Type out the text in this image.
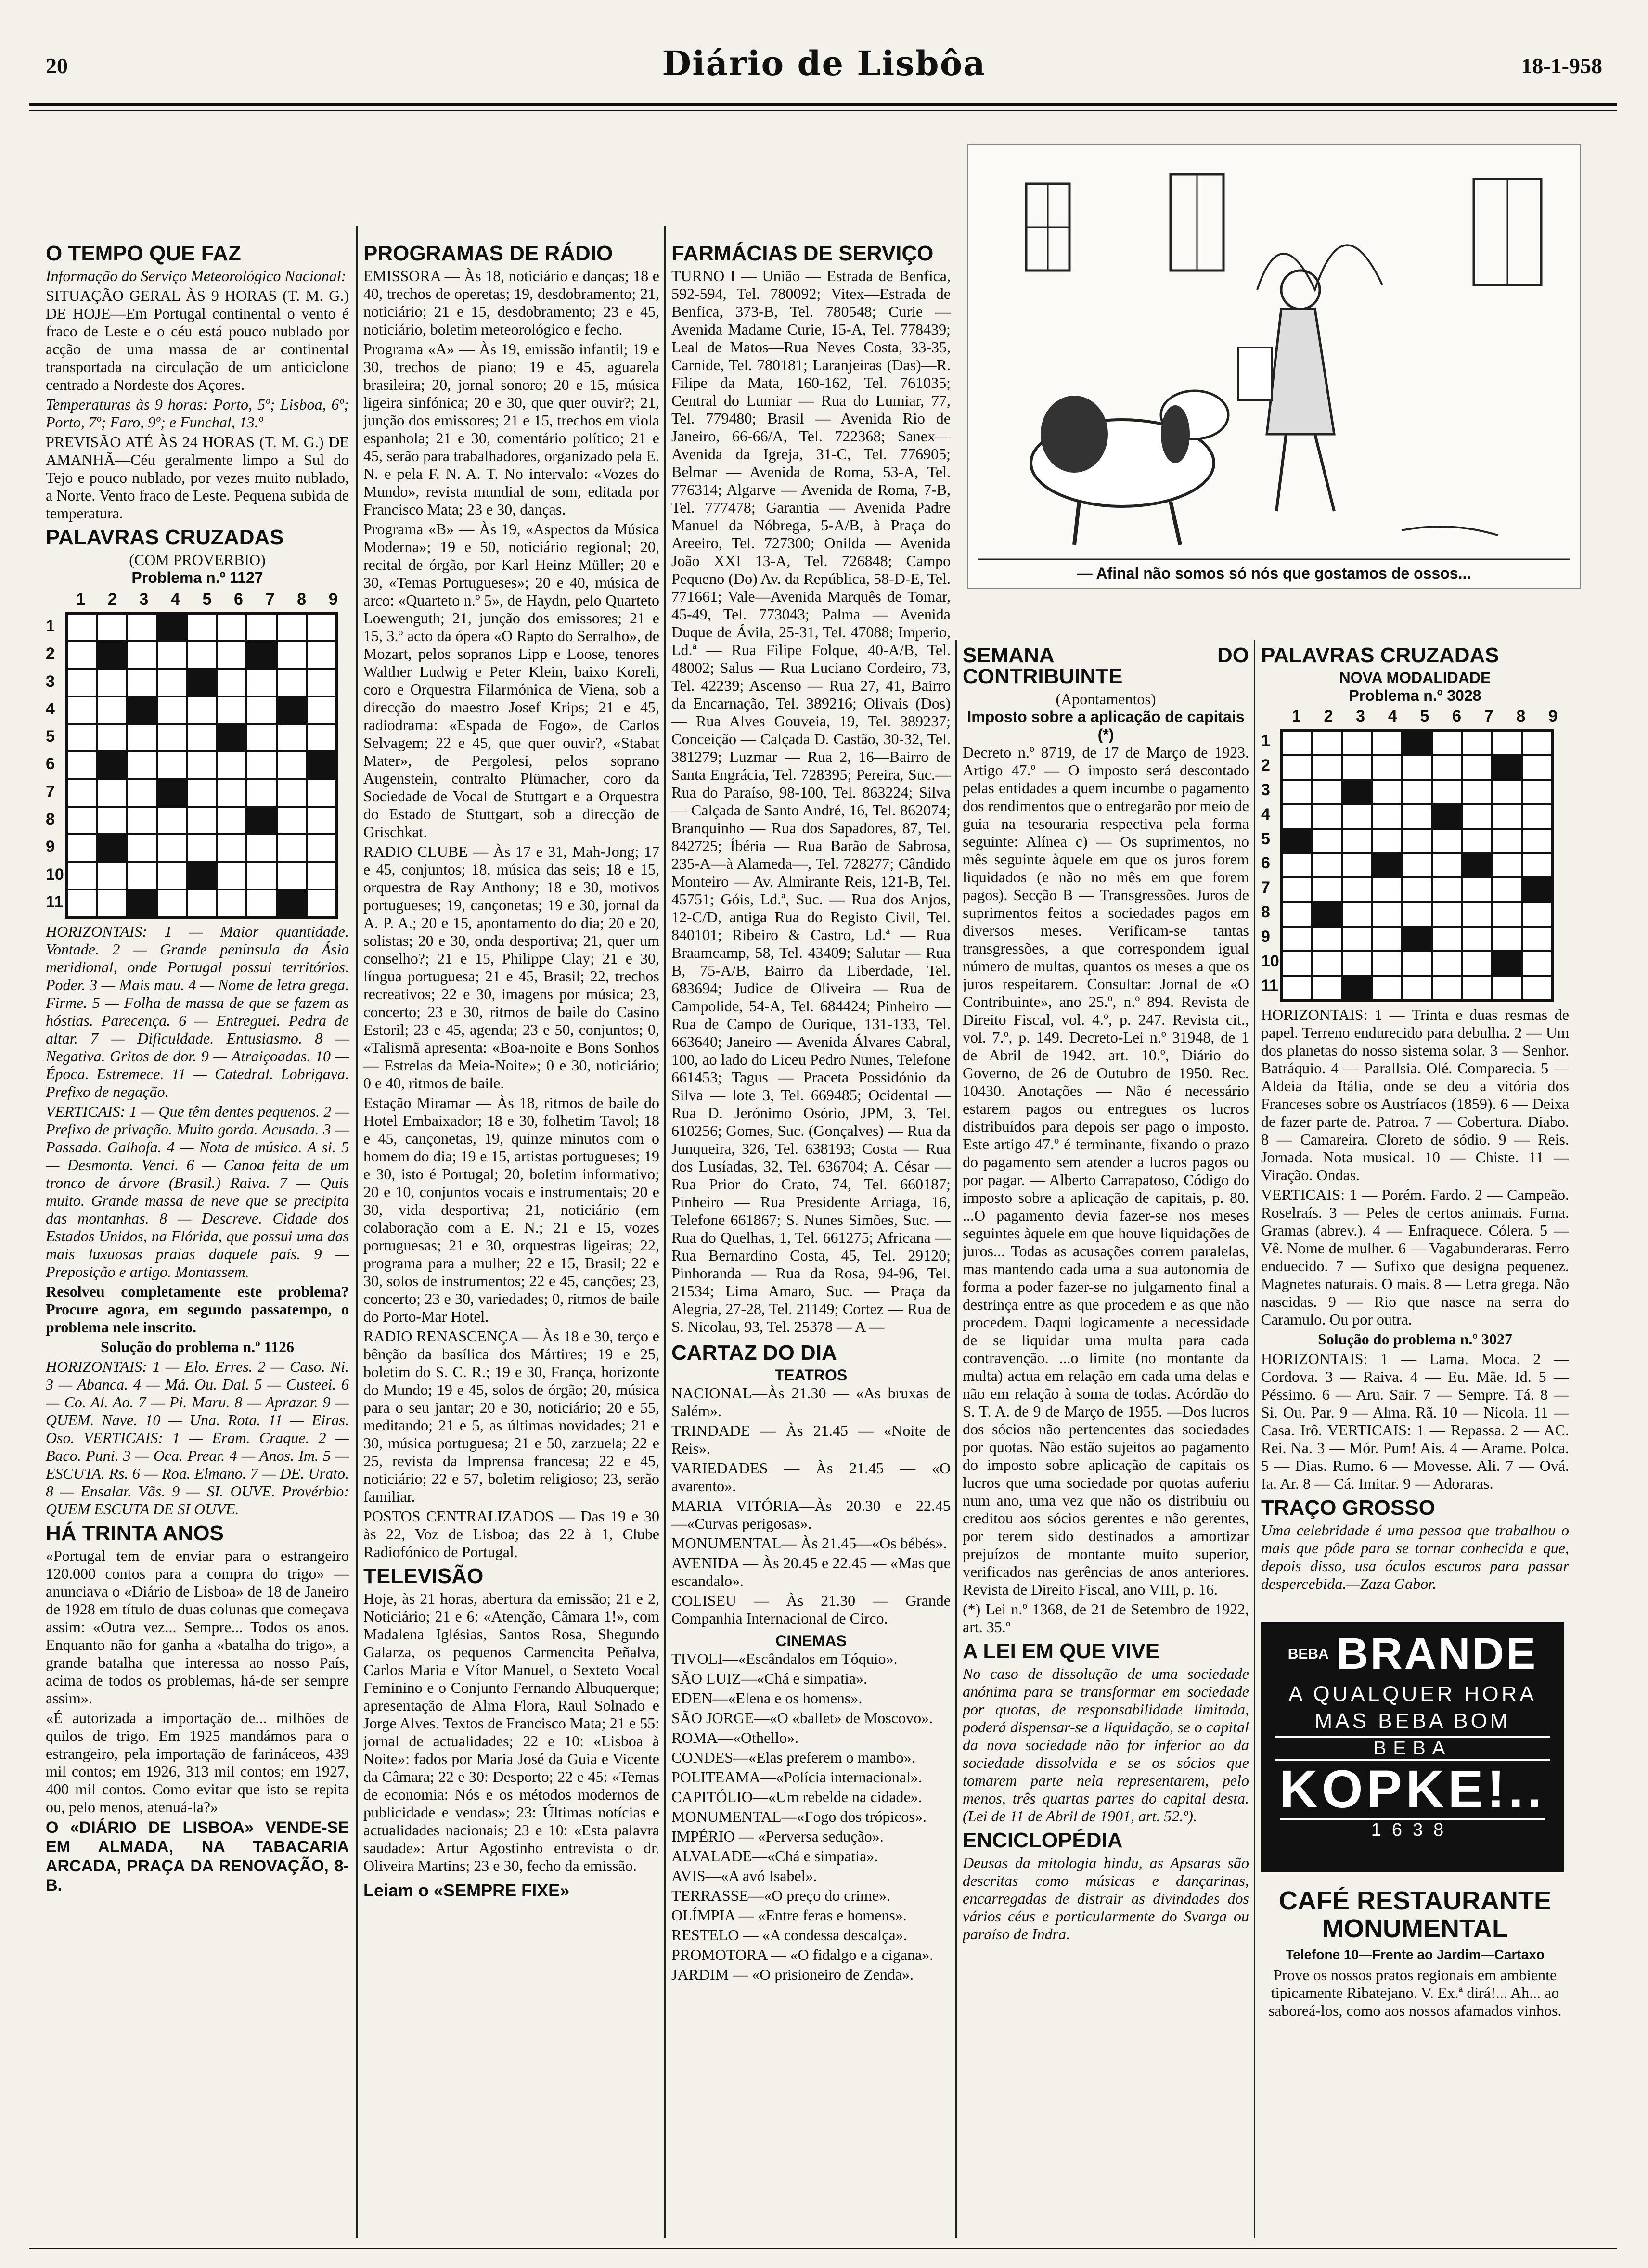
20	Diário de Lisbôa	18-1-958
O TEMPO QUE FAZ

Informação do Serviço Meteorológico Nacional:

SITUAÇÃO GERAL ÀS 9 HORAS (T. M. G.) DE HOJE—Em Portugal continental o vento é fraco de Leste e o céu está pouco nublado por acção de uma massa de ar continental transportada na circulação de um anticiclone centrado a Nordeste dos Açores.

Temperaturas às 9 horas: Porto, 5º; Lisboa, 6º; Porto, 7º; Faro, 9º; e Funchal, 13.º

PREVISÃO ATÉ ÀS 24 HORAS (T. M. G.) DE AMANHÃ—Céu geralmente limpo a Sul do Tejo e pouco nublado, por vezes muito nublado, a Norte. Vento fraco de Leste. Pequena subida de temperatura.

PALAVRAS CRUZADAS
(COM PROVERBIO)
Problema n.º 1127
1
2
3
4
5
6
7
8
9
10
11
1 2 3 4 5 6 7 8 9

HORIZONTAIS: 1 — Maior quantidade. Vontade. 2 — Grande península da Ásia meridional, onde Portugal possui territórios. Poder. 3 — Mais mau. 4 — Nome de letra grega. Firme. 5 — Folha de massa de que se fazem as hóstias. Parecença. 6 — Entreguei. Pedra de altar. 7 — Dificuldade. Entusiasmo. 8 — Negativa. Gritos de dor. 9 — Atraiçoadas. 10 — Época. Estremece. 11 — Catedral. Lobrigava. Prefixo de negação.

VERTICAIS: 1 — Que têm dentes pequenos. 2 — Prefixo de privação. Muito gorda. Acusada. 3 — Passada. Galhofa. 4 — Nota de música. A si. 5 — Desmonta. Venci. 6 — Canoa feita de um tronco de árvore (Brasil.) Raiva. 7 — Quis muito. Grande massa de neve que se precipita das montanhas. 8 — Descreve. Cidade dos Estados Unidos, na Flórida, que possui uma das mais luxuosas praias daquele país. 9 — Preposição e artigo. Montassem.

Resolveu completamente este problema? Procure agora, em segundo passatempo, o problema nele inscrito.

Solução do problema n.º 1126

HORIZONTAIS: 1 — Elo. Erres. 2 — Caso. Ni. 3 — Abanca. 4 — Má. Ou. Dal. 5 — Custeei. 6 — Co. Al. Ao. 7 — Pi. Maru. 8 — Aprazar. 9 — QUEM. Nave. 10 — Una. Rota. 11 — Eiras. Oso. VERTICAIS: 1 — Eram. Craque. 2 — Baco. Puni. 3 — Oca. Prear. 4 — Anos. Im. 5 — ESCUTA. Rs. 6 — Roa. Elmano. 7 — DE. Urato. 8 — Ensalar. Vãs. 9 — SI. OUVE. Provérbio: QUEM ESCUTA DE SI OUVE.

HÁ TRINTA ANOS

«Portugal tem de enviar para o estrangeiro 120.000 contos para a compra do trigo» — anunciava o «Diário de Lisboa» de 18 de Janeiro de 1928 em título de duas colunas que começava assim: «Outra vez... Sempre... Todos os anos. Enquanto não for ganha a «batalha do trigo», a grande batalha que interessa ao nosso País, acima de todos os problemas, há-de ser sempre assim».

«É autorizada a importação de... milhões de quilos de trigo. Em 1925 mandámos para o estrangeiro, pela importação de farináceos, 439 mil contos; em 1926, 313 mil contos; em 1927, 400 mil contos. Como evitar que isto se repita ou, pelo menos, atenuá-la?»

O «DIÁRIO DE LISBOA» VENDE-SE EM ALMADA, NA TABACARIA ARCADA, PRAÇA DA RENOVAÇÃO, 8-B.

PROGRAMAS DE RÁDIO

EMISSORA — Às 18, noticiário e danças; 18 e 40, trechos de operetas; 19, desdobramento; 21, noticiário; 21 e 15, desdobramento; 23 e 45, noticiário, boletim meteorológico e fecho.

Programa «A» — Às 19, emissão infantil; 19 e 30, trechos de piano; 19 e 45, aguarela brasileira; 20, jornal sonoro; 20 e 15, música ligeira sinfónica; 20 e 30, que quer ouvir?; 21, junção dos emissores; 21 e 15, trechos em viola espanhola; 21 e 30, comentário político; 21 e 45, serão para trabalhadores, organizado pela E. N. e pela F. N. A. T. No intervalo: «Vozes do Mundo», revista mundial de som, editada por Francisco Mata; 23 e 30, danças.

Programa «B» — Às 19, «Aspectos da Música Moderna»; 19 e 50, noticiário regional; 20, recital de órgão, por Karl Heinz Müller; 20 e 30, «Temas Portugueses»; 20 e 40, música de arco: «Quarteto n.º 5», de Haydn, pelo Quarteto Loewenguth; 21, junção dos emissores; 21 e 15, 3.º acto da ópera «O Rapto do Serralho», de Mozart, pelos sopranos Lipp e Loose, tenores Walther Ludwig e Peter Klein, baixo Koreli, coro e Orquestra Filarmónica de Viena, sob a direcção do maestro Josef Krips; 21 e 45, radiodrama: «Espada de Fogo», de Carlos Selvagem; 22 e 45, que quer ouvir?, «Stabat Mater», de Pergolesi, pelos soprano Augenstein, contralto Plümacher, coro da Sociedade de Vocal de Stuttgart e a Orquestra do Estado de Stuttgart, sob a direcção de Grischkat.

RADIO CLUBE — Às 17 e 31, Mah-Jong; 17 e 45, conjuntos; 18, música das seis; 18 e 15, orquestra de Ray Anthony; 18 e 30, motivos portugueses; 19, cançonetas; 19 e 30, jornal da A. P. A.; 20 e 15, apontamento do dia; 20 e 20, solistas; 20 e 30, onda desportiva; 21, quer um conselho?; 21 e 15, Philippe Clay; 21 e 30, língua portuguesa; 21 e 45, Brasil; 22, trechos recreativos; 22 e 30, imagens por música; 23, concerto; 23 e 30, ritmos de baile do Casino Estoril; 23 e 45, agenda; 23 e 50, conjuntos; 0, «Talismã apresenta: «Boa-noite e Bons Sonhos — Estrelas da Meia-Noite»; 0 e 30, noticiário; 0 e 40, ritmos de baile.

Estação Miramar — Às 18, ritmos de baile do Hotel Embaixador; 18 e 30, folhetim Tavol; 18 e 45, cançonetas, 19, quinze minutos com o homem do dia; 19 e 15, artistas portugueses; 19 e 30, isto é Portugal; 20, boletim informativo; 20 e 10, conjuntos vocais e instrumentais; 20 e 30, vida desportiva; 21, noticiário (em colaboração com a E. N.; 21 e 15, vozes portuguesas; 21 e 30, orquestras ligeiras; 22, programa para a mulher; 22 e 15, Brasil; 22 e 30, solos de instrumentos; 22 e 45, canções; 23, concerto; 23 e 30, variedades; 0, ritmos de baile do Porto-Mar Hotel.

RADIO RENASCENÇA — Às 18 e 30, terço e bênção da basílica dos Mártires; 19 e 25, boletim do S. C. R.; 19 e 30, França, horizonte do Mundo; 19 e 45, solos de órgão; 20, música para o seu jantar; 20 e 30, noticiário; 20 e 55, meditando; 21 e 5, as últimas novidades; 21 e 30, música portuguesa; 21 e 50, zarzuela; 22 e 25, revista da Imprensa francesa; 22 e 45, noticiário; 22 e 57, boletim religioso; 23, serão familiar.

POSTOS CENTRALIZADOS — Das 19 e 30 às 22, Voz de Lisboa; das 22 à 1, Clube Radiofónico de Portugal.

TELEVISÃO

Hoje, às 21 horas, abertura da emissão; 21 e 2, Noticiário; 21 e 6: «Atenção, Câmara 1!», com Madalena Iglésias, Santos Rosa, Shegundo Galarza, os pequenos Carmencita Peñalva, Carlos Maria e Vítor Manuel, o Sexteto Vocal Feminino e o Conjunto Fernando Albuquerque; apresentação de Alma Flora, Raul Solnado e Jorge Alves. Textos de Francisco Mata; 21 e 55: jornal de actualidades; 22 e 10: «Lisboa à Noite»: fados por Maria José da Guia e Vicente da Câmara; 22 e 30: Desporto; 22 e 45: «Temas de economia: Nós e os métodos modernos de publicidade e vendas»; 23: Últimas notícias e actualidades nacionais; 23 e 10: «Esta palavra saudade»: Artur Agostinho entrevista o dr. Oliveira Martins; 23 e 30, fecho da emissão.

Leiam o «SEMPRE FIXE»

FARMÁCIAS DE SERVIÇO

TURNO I — União — Estrada de Benfica, 592-594, Tel. 780092; Vitex—Estrada de Benfica, 373-B, Tel. 780548; Curie — Avenida Madame Curie, 15-A, Tel. 778439; Leal de Matos—Rua Neves Costa, 33-35, Carnide, Tel. 780181; Laranjeiras (Das)—R. Filipe da Mata, 160-162, Tel. 761035; Central do Lumiar — Rua do Lumiar, 77, Tel. 779480; Brasil — Avenida Rio de Janeiro, 66-66/A, Tel. 722368; Sanex—Avenida da Igreja, 31-C, Tel. 776905; Belmar — Avenida de Roma, 53-A, Tel. 776314; Algarve — Avenida de Roma, 7-B, Tel. 777478; Garantia — Avenida Padre Manuel da Nóbrega, 5-A/B, à Praça do Areeiro, Tel. 727300; Onilda — Avenida João XXI 13-A, Tel. 726848; Campo Pequeno (Do) Av. da República, 58-D-E, Tel. 771661; Vale—Avenida Marquês de Tomar, 45-49, Tel. 773043; Palma — Avenida Duque de Ávila, 25-31, Tel. 47088; Imperio, Ld.ª — Rua Filipe Folque, 40-A/B, Tel. 48002; Salus — Rua Luciano Cordeiro, 73, Tel. 42239; Ascenso — Rua 27, 41, Bairro da Encarnação, Tel. 389216; Olivais (Dos) — Rua Alves Gouveia, 19, Tel. 389237; Conceição — Calçada D. Castão, 30-32, Tel. 381279; Luzmar — Rua 2, 16—Bairro de Santa Engrácia, Tel. 728395; Pereira, Suc.—Rua do Paraíso, 98-100, Tel. 863224; Silva — Calçada de Santo André, 16, Tel. 862074; Branquinho — Rua dos Sapadores, 87, Tel. 842725; Íbéria — Rua Barão de Sabrosa, 235-A—à Alameda—, Tel. 728277; Cândido Monteiro — Av. Almirante Reis, 121-B, Tel. 45751; Góis, Ld.ª, Suc. — Rua dos Anjos, 12-C/D, antiga Rua do Registo Civil, Tel. 840101; Ribeiro & Castro, Ld.ª — Rua Braamcamp, 58, Tel. 43409; Salutar — Rua B, 75-A/B, Bairro da Liberdade, Tel. 683694; Judice de Oliveira — Rua de Campolide, 54-A, Tel. 684424; Pinheiro — Rua de Campo de Ourique, 131-133, Tel. 663640; Janeiro — Avenida Álvares Cabral, 100, ao lado do Liceu Pedro Nunes, Telefone 661453; Tagus — Praceta Possidónio da Silva — lote 3, Tel. 669485; Ocidental — Rua D. Jerónimo Osório, JPM, 3, Tel. 610256; Gomes, Suc. (Gonçalves) — Rua da Junqueira, 326, Tel. 638193; Costa — Rua dos Lusíadas, 32, Tel. 636704; A. César — Rua Prior do Crato, 74, Tel. 660187; Pinheiro — Rua Presidente Arriaga, 16, Telefone 661867; S. Nunes Simões, Suc. — Rua do Quelhas, 1, Tel. 661275; Africana — Rua Bernardino Costa, 45, Tel. 29120; Pinhoranda — Rua da Rosa, 94-96, Tel. 21534; Lima Amaro, Suc. — Praça da Alegria, 27-28, Tel. 21149; Cortez — Rua de S. Nicolau, 93, Tel. 25378 — A —

CARTAZ DO DIA
TEATROS

NACIONAL—Às 21.30 — «As bruxas de Salém».

TRINDADE — Às 21.45 — «Noite de Reis».

VARIEDADES — Às 21.45 — «O avarento».

MARIA VITÓRIA—Às 20.30 e 22.45 —«Curvas perigosas».

MONUMENTAL— Às 21.45—«Os bébés».

AVENIDA — Às 20.45 e 22.45 — «Mas que escandalo».

COLISEU — Às 21.30 — Grande Companhia Internacional de Circo.

CINEMAS

TIVOLI—«Escândalos em Tóquio».

SÃO LUIZ—«Chá e simpatia».

EDEN—«Elena e os homens».

SÃO JORGE—«O «ballet» de Moscovo».

ROMA—«Othello».

CONDES—«Elas preferem o mambo».

POLITEAMA—«Polícia internacional».

CAPITÓLIO—«Um rebelde na cidade».

MONUMENTAL—«Fogo dos trópicos».

IMPÉRIO — «Perversa sedução».

ALVALADE—«Chá e simpatia».

AVIS—«A avó Isabel».

TERRASSE—«O preço do crime».

OLÍMPIA — «Entre feras e homens».

RESTELO — «A condessa descalça».

PROMOTORA — «O fidalgo e a cigana».

JARDIM — «O prisioneiro de Zenda».

— Afinal não somos só nós que gostamos de ossos...
SEMANA DO CONTRIBUINTE
(Apontamentos)
Imposto sobre a aplicação de capitais (*)

Decreto n.º 8719, de 17 de Março de 1923. Artigo 47.º — O imposto será descontado pelas entidades a quem incumbe o pagamento dos rendimentos que o entregarão por meio de guia na tesouraria respectiva pela forma seguinte: Alínea c) — Os suprimentos, no mês seguinte àquele em que os juros forem liquidados (e não no mês em que forem pagos). Secção B — Transgressões. Juros de suprimentos feitos a sociedades pagos em diversos meses. Verificam-se tantas transgressões, a que correspondem igual número de multas, quantos os meses a que os juros respeitarem. Consultar: Jornal de «O Contribuinte», ano 25.º, n.º 894. Revista de Direito Fiscal, vol. 4.º, p. 247. Revista cit., vol. 7.º, p. 149. Decreto-Lei n.º 31948, de 1 de Abril de 1942, art. 10.º, Diário do Governo, de 26 de Outubro de 1950. Rec. 10430. Anotações — Não é necessário estarem pagos ou entregues os lucros distribuídos para depois ser pago o imposto. Este artigo 47.º é terminante, fixando o prazo do pagamento sem atender a lucros pagos ou por pagar. — Alberto Carrapatoso, Código do imposto sobre a aplicação de capitais, p. 80. ...O pagamento devia fazer-se nos meses seguintes àquele em que houve liquidações de juros... Todas as acusações correm paralelas, mas mantendo cada uma a sua autonomia de forma a poder fazer-se no julgamento final a destrinça entre as que procedem e as que não procedem. Daqui logicamente a necessidade de se liquidar uma multa para cada contravenção. ...o limite (no montante da multa) actua em relação em cada uma delas e não em relação à soma de todas. Acórdão do S. T. A. de 9 de Março de 1955. —Dos lucros dos sócios não pertencentes das sociedades por quotas. Não estão sujeitos ao pagamento do imposto sobre aplicação de capitais os lucros que uma sociedade por quotas auferiu num ano, uma vez que não os distribuiu ou creditou aos sócios gerentes e não gerentes, por terem sido destinados a amortizar prejuízos de montante muito superior, verificados nas gerências de anos anteriores. Revista de Direito Fiscal, ano VIII, p. 16.

(*) Lei n.º 1368, de 21 de Setembro de 1922, art. 35.º

A LEI EM QUE VIVE

No caso de dissolução de uma sociedade anónima para se transformar em sociedade por quotas, de responsabilidade limitada, poderá dispensar-se a liquidação, se o capital da nova sociedade não for inferior ao da sociedade dissolvida e se os sócios que tomarem parte nela representarem, pelo menos, três quartas partes do capital desta. (Lei de 11 de Abril de 1901, art. 52.º).

ENCICLOPÉDIA

Deusas da mitologia hindu, as Apsaras são descritas como músicas e dançarinas, encarregadas de distrair as divindades dos vários céus e particularmente do Svarga ou paraíso de Indra.

PALAVRAS CRUZADAS
NOVA MODALIDADE
Problema n.º 3028
1
2
3
4
5
6
7
8
9
10
11
1 2 3 4 5 6 7 8 9

HORIZONTAIS: 1 — Trinta e duas resmas de papel. Terreno endurecido para debulha. 2 — Um dos planetas do nosso sistema solar. 3 — Senhor. Batráquio. 4 — Parallsia. Olé. Comparecia. 5 — Aldeia da Itália, onde se deu a vitória dos Franceses sobre os Austríacos (1859). 6 — Deixa de fazer parte de. Patroa. 7 — Cobertura. Diabo. 8 — Camareira. Cloreto de sódio. 9 — Reis. Jornada. Nota musical. 10 — Chiste. 11 — Viração. Ondas.

VERTICAIS: 1 — Porém. Fardo. 2 — Campeão. Roselraís. 3 — Peles de certos animais. Furna. Gramas (abrev.). 4 — Enfraquece. Cólera. 5 — Vê. Nome de mulher. 6 — Vagabunderaras. Ferro enduecido. 7 — Sufixo que designa pequenez. Magnetes naturais. O mais. 8 — Letra grega. Não nascidas. 9 — Rio que nasce na serra do Caramulo. Ou por outra.

Solução do problema n.º 3027

HORIZONTAIS: 1 — Lama. Moca. 2 — Cordova. 3 — Raiva. 4 — Eu. Mãe. Id. 5 — Péssimo. 6 — Aru. Sair. 7 — Sempre. Tá. 8 — Si. Ou. Par. 9 — Alma. Rã. 10 — Nicola. 11 — Casa. Irô. VERTICAIS: 1 — Repassa. 2 — AC. Rei. Na. 3 — Mór. Pum! Ais. 4 — Arame. Polca. 5 — Dias. Rumo. 6 — Movesse. Ali. 7 — Ová. Ia. Ar. 8 — Cá. Imitar. 9 — Adoraras.

TRAÇO GROSSO

Uma celebridade é uma pessoa que trabalhou o mais que pôde para se tornar conhecida e que, depois disso, usa óculos escuros para passar despercebida.—Zaza Gabor.

BEBA BRANDE
A QUALQUER HORA
MAS BEBA BOM
BEBA
KOPKE!..
1638
CAFÉ RESTAURANTE MONUMENTAL
Telefone 10—Frente ao Jardim—Cartaxo

Prove os nossos pratos regionais em ambiente tipicamente Ribatejano. V. Ex.ª dirá!... Ah... ao saboreá-los, como aos nossos afamados vinhos.
